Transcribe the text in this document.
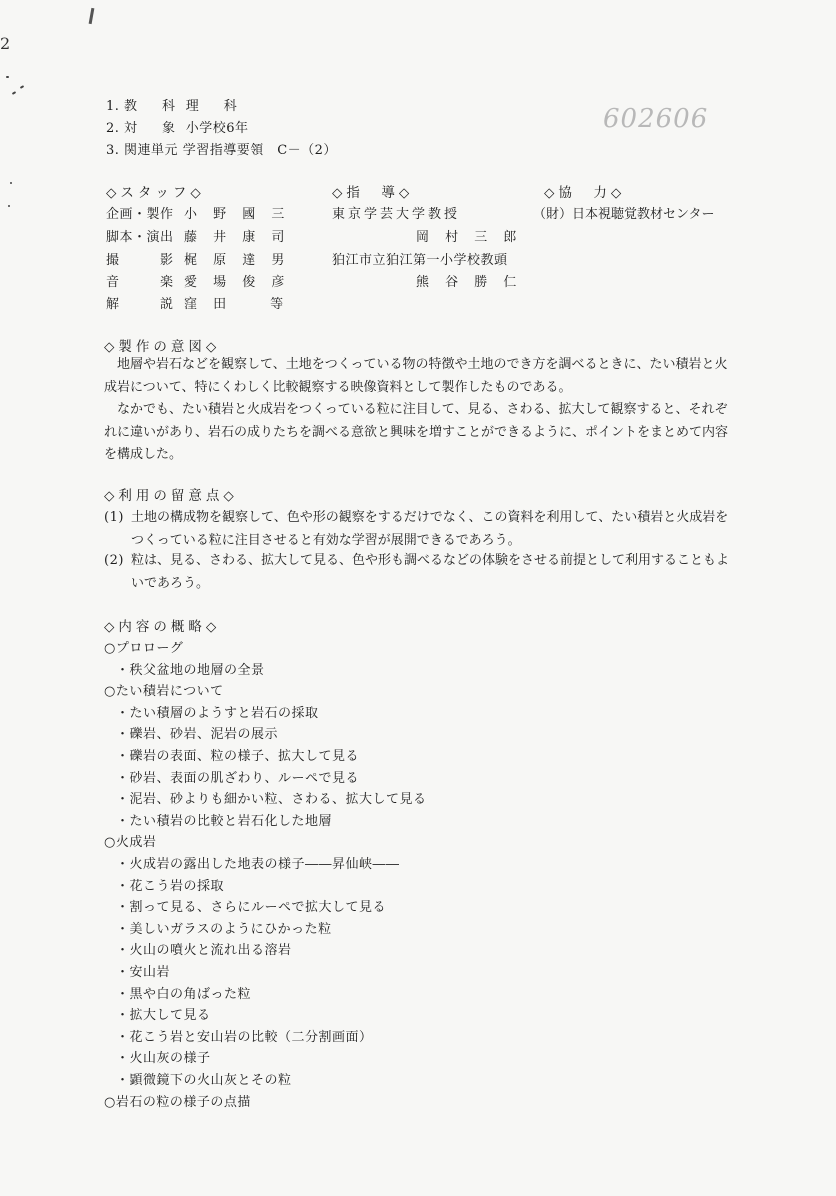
2
602606
1. 教　科 理　科
2. 対　象 小学校6年
3. 関連単元 学習指導要領　C－（2）
◇スタッフ◇
企画・製作 小 野 國 三
脚本・演出 藤 井 康 司
撮　　　影 梶 原 達 男
音　　　楽 愛 場 俊 彦
解　　　説 窪 田　　等
◇指　導◇
東京学芸大学教授
岡 村 三 郎
狛江市立狛江第一小学校教頭
熊 谷 勝 仁
◇協　力◇
（財）日本視聴覚教材センター
◇製作の意図◇
地層や岩石などを観察して、土地をつくっている物の特徴や土地のでき方を調べるときに、たい積岩と火成岩について、特にくわしく比較観察する映像資料として製作したものである。
なかでも、たい積岩と火成岩をつくっている粒に注目して、見る、さわる、拡大して観察すると、それぞれに違いがあり、岩石の成りたちを調べる意欲と興味を増すことができるように、ポイントをまとめて内容を構成した。
◇利用の留意点◇
(1) 土地の構成物を観察して、色や形の観察をするだけでなく、この資料を利用して、たい積岩と火成岩をつくっている粒に注目させると有効な学習が展開できるであろう。
(2) 粒は、見る、さわる、拡大して見る、色や形も調べるなどの体験をさせる前提として利用することもよいであろう。
◇内容の概略◇
○プロローグ
・秩父盆地の地層の全景
○たい積岩について
・たい積層のようすと岩石の採取
・礫岩、砂岩、泥岩の展示
・礫岩の表面、粒の様子、拡大して見る
・砂岩、表面の肌ざわり、ルーペで見る
・泥岩、砂よりも細かい粒、さわる、拡大して見る
・たい積岩の比較と岩石化した地層
○火成岩
・火成岩の露出した地表の様子――昇仙峡――
・花こう岩の採取
・割って見る、さらにルーペで拡大して見る
・美しいガラスのようにひかった粒
・火山の噴火と流れ出る溶岩
・安山岩
・黒や白の角ばった粒
・拡大して見る
・花こう岩と安山岩の比較（二分割画面）
・火山灰の様子
・顕微鏡下の火山灰とその粒
○岩石の粒の様子の点描
